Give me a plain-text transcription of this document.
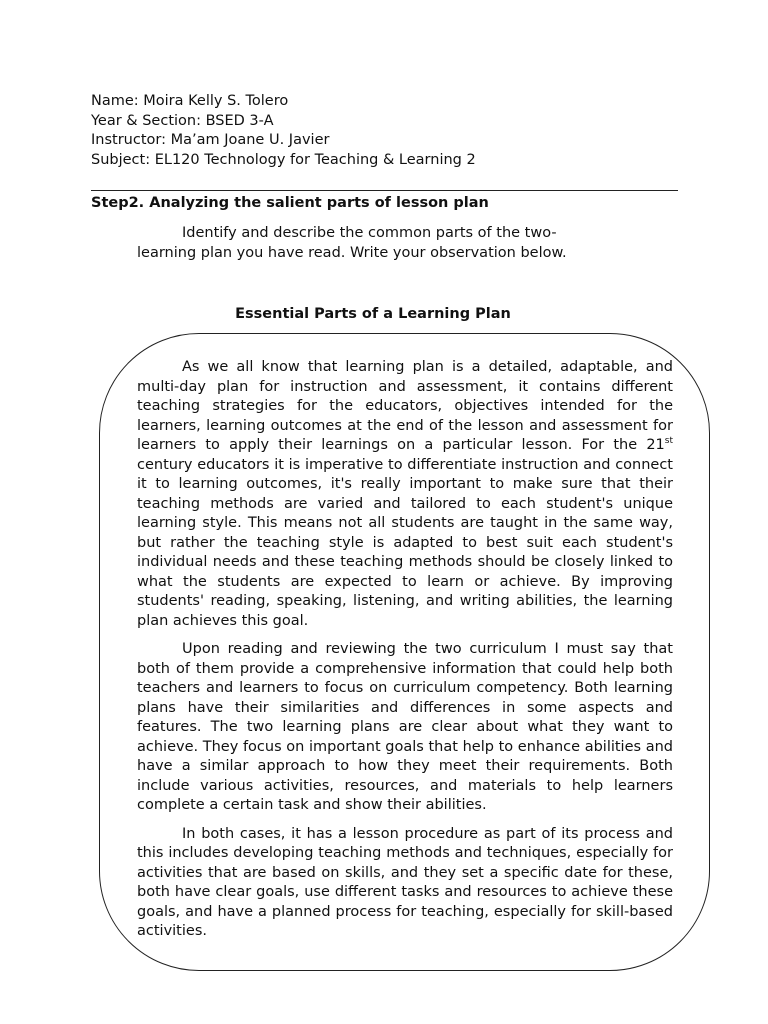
Name: Moira Kelly S. Tolero
Year & Section: BSED 3-A
Instructor: Ma’am Joane U. Javier
Subject: EL120 Technology for Teaching & Learning 2
Step2. Analyzing the salient parts of lesson plan
Identify and describe the common parts of the two-
learning plan you have read. Write your observation below.
Essential Parts of a Learning Plan

As we all know that learning plan is a detailed, adaptable, and multi-day plan for instruction and assessment, it contains different teaching strategies for the educators, objectives intended for the learners, learning outcomes at the end of the lesson and assessment for learners to apply their learnings on a particular lesson. For the 21st century educators it is imperative to differentiate instruction and connect it to learning outcomes, it's really important to make sure that their teaching methods are varied and tailored to each student's unique learning style. This means not all students are taught in the same way, but rather the teaching style is adapted to best suit each student's individual needs and these teaching methods should be closely linked to what the students are expected to learn or achieve. By improving students' reading, speaking, listening, and writing abilities, the learning plan achieves this goal.

Upon reading and reviewing the two curriculum I must say that both of them provide a comprehensive information that could help both teachers and learners to focus on curriculum competency. Both learning plans have their similarities and differences in some aspects and features. The two learning plans are clear about what they want to achieve. They focus on important goals that help to enhance abilities and have a similar approach to how they meet their requirements. Both include various activities, resources, and materials to help learners complete a certain task and show their abilities.

In both cases, it has a lesson procedure as part of its process and this includes developing teaching methods and techniques, especially for activities that are based on skills, and they set a specific date for these, both have clear goals, use different tasks and resources to achieve these goals, and have a planned process for teaching, especially for skill-based activities.
